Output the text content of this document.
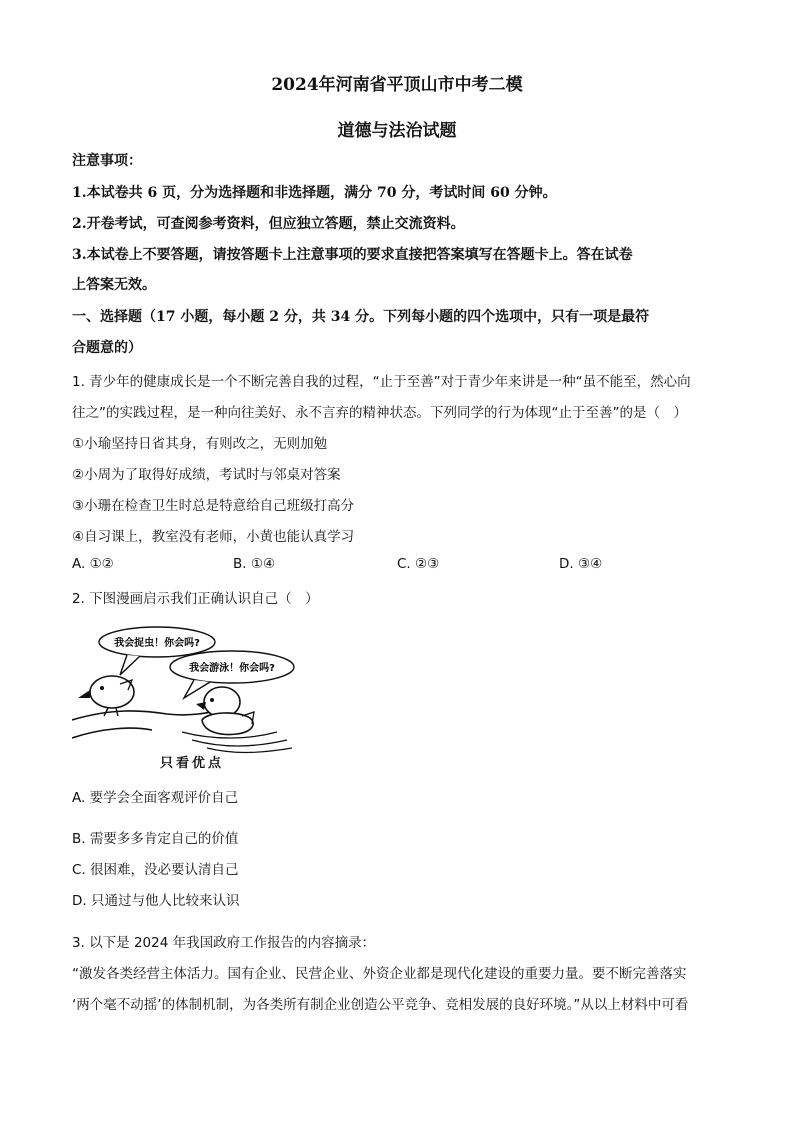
2024年河南省平顶山市中考二模
道德与法治试题
注意事项：
1.本试卷共 6 页，分为选择题和非选择题，满分 70 分，考试时间 60 分钟。
2.开卷考试，可查阅参考资料，但应独立答题，禁止交流资料。
3.本试卷上不要答题，请按答题卡上注意事项的要求直接把答案填写在答题卡上。答在试卷
上答案无效。
一、选择题（17 小题，每小题 2 分，共 34 分。下列每小题的四个选项中，只有一项是最符
合题意的）
1. 青少年的健康成长是一个不断完善自我的过程，“止于至善”对于青少年来讲是一种“虽不能至，然心向
往之”的实践过程，是一种向往美好、永不言弃的精神状态。下列同学的行为体现“止于至善”的是（　）
①小瑜坚持日省其身，有则改之，无则加勉
②小周为了取得好成绩，考试时与邻桌对答案
③小珊在检查卫生时总是特意给自己班级打高分
④自习课上，教室没有老师，小黄也能认真学习
A. ①②	B. ①④	C. ②③	D. ③④
2. 下图漫画启示我们正确认识自己（　）
我会捉虫！你会吗?
我会游泳！你会吗?
只看优点
A. 要学会全面客观评价自己
B. 需要多多肯定自己的价值
C. 很困难，没必要认清自己
D. 只通过与他人比较来认识
3. 以下是 2024 年我国政府工作报告的内容摘录：
“激发各类经营主体活力。国有企业、民营企业、外资企业都是现代化建设的重要力量。要不断完善落实
‘两个毫不动摇’的体制机制，为各类所有制企业创造公平竞争、竞相发展的良好环境。”从以上材料中可看
